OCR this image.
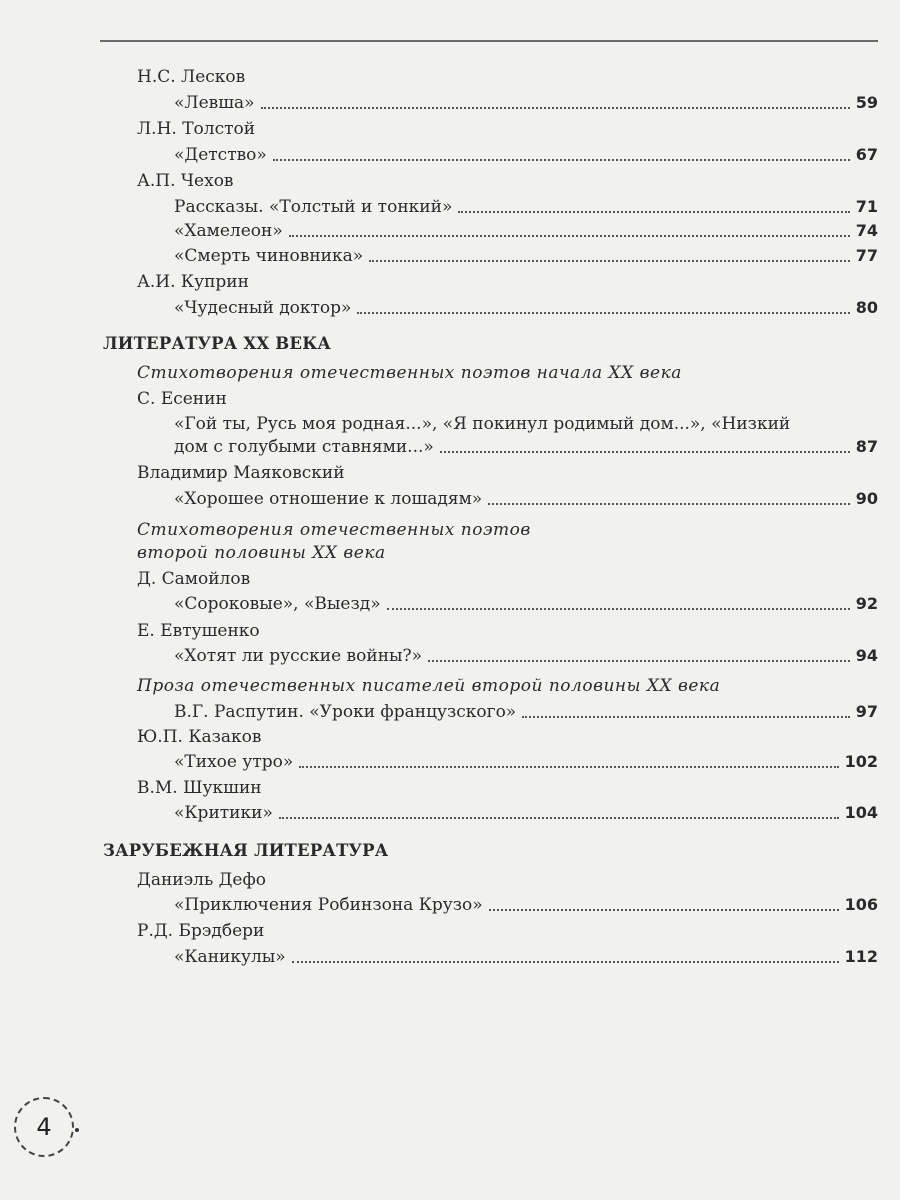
Н.С. Лесков
«Левша»	59
Л.Н. Толстой
«Детство»	67
А.П. Чехов
Рассказы. «Толстый и тонкий»	71
«Хамелеон»	74
«Смерть чиновника»	77
А.И. Куприн
«Чудесный доктор»	80
ЛИТЕРАТУРА ХХ ВЕКА
Стихотворения отечественных поэтов начала ХХ века
С. Есенин
«Гой ты, Русь моя родная...», «Я покинул родимый дом...», «Низкий
дом с голубыми ставнями...»	87
Владимир Маяковский
«Хорошее отношение к лошадям»	90
Стихотворения отечественных поэтов
второй половины ХХ века
Д. Самойлов
«Сороковые», «Выезд»	92
Е. Евтушенко
«Хотят ли русские войны?»	94
Проза отечественных писателей второй половины ХХ века
В.Г. Распутин. «Уроки французского»	97
Ю.П. Казаков
«Тихое утро»	102
В.М. Шукшин
«Критики»	104
ЗАРУБЕЖНАЯ ЛИТЕРАТУРА
Даниэль Дефо
«Приключения Робинзона Крузо»	106
Р.Д. Брэдбери
«Каникулы»	112
4
